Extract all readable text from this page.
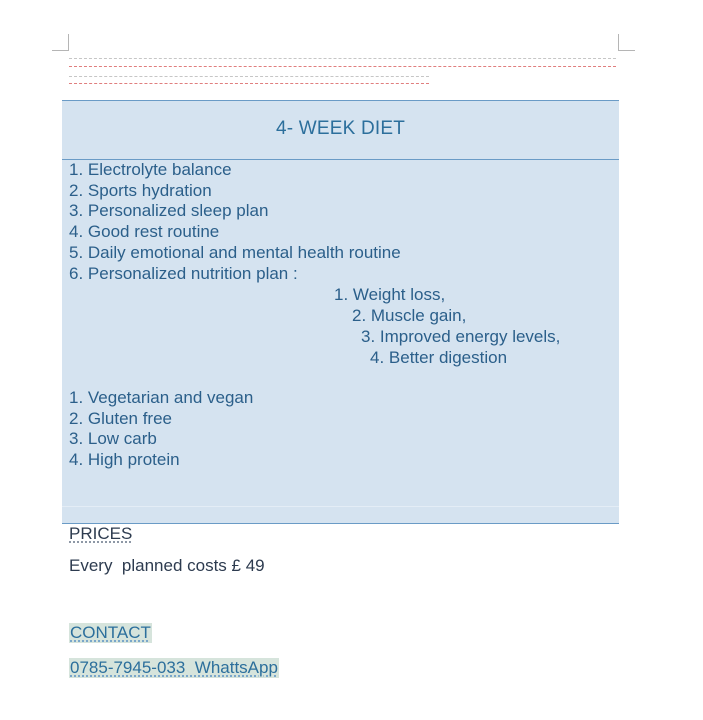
4- WEEK DIET
1. Electrolyte balance
2. Sports hydration
3. Personalized sleep plan
4. Good rest routine
5. Daily emotional and mental health routine
6. Personalized nutrition plan :
1. Weight loss,
2. Muscle gain,
3. Improved energy levels,
4. Better digestion
1. Vegetarian and vegan
2. Gluten free
3. Low carb
4. High protein
PRICES
Every  planned costs £ 49
CONTACT
0785-7945-033  WhattsApp
